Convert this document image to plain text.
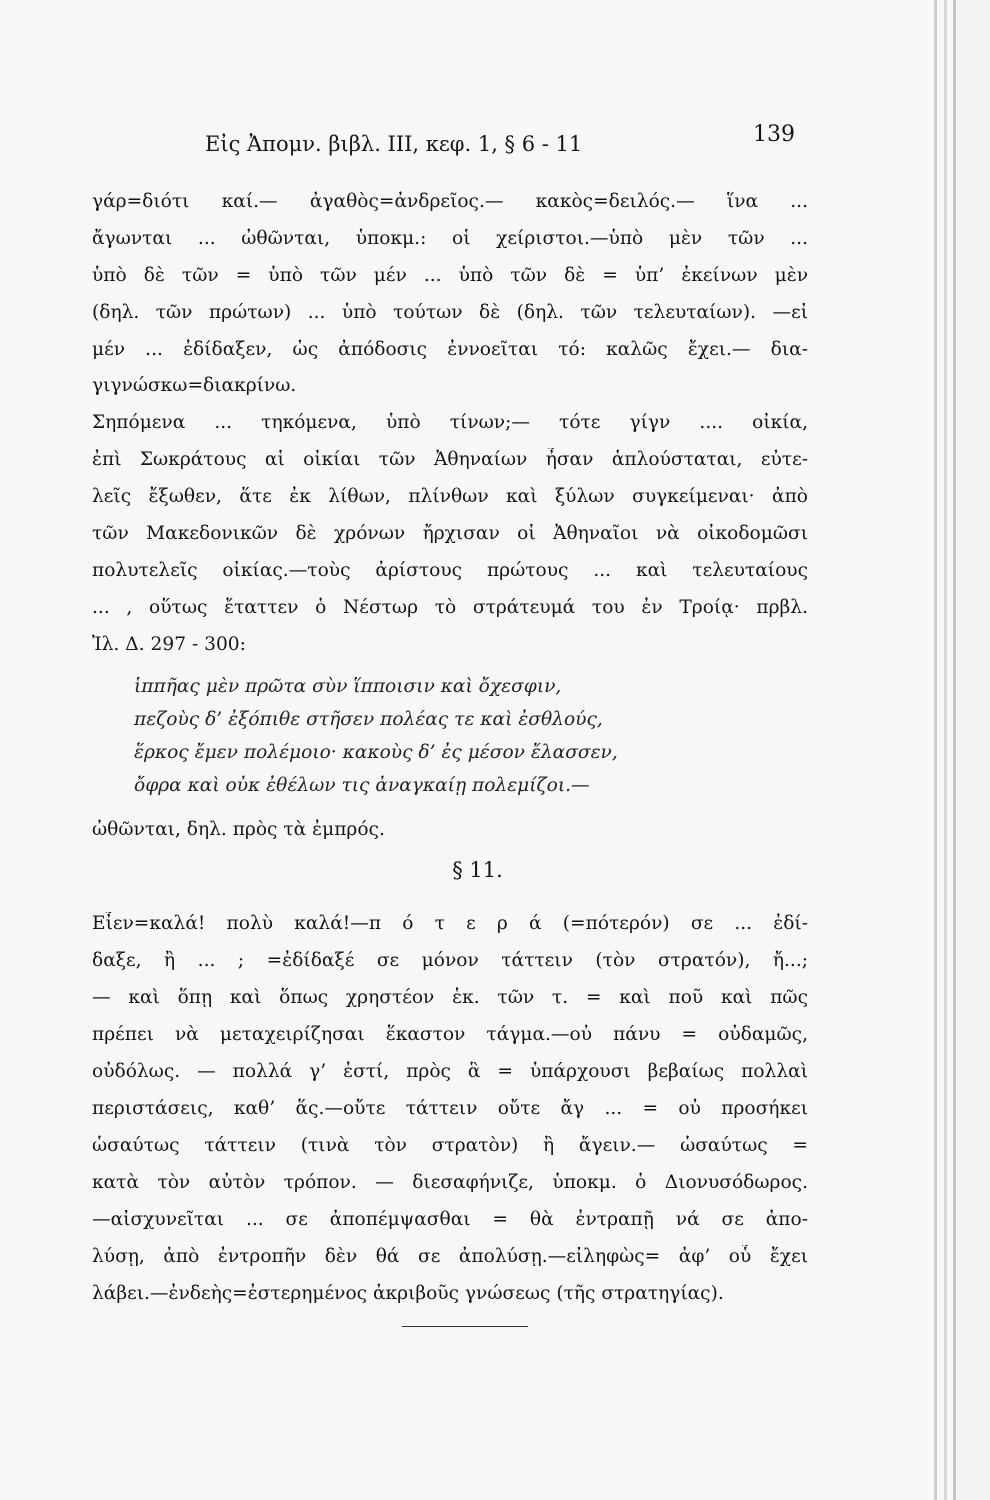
Εἰς Ἀπομν. βιβλ. III, κεφ. 1, § 6 - 11	139
γάρ=διότι καί.— ἀγαθὸς=ἀνδρεῖος.— κακὸς=δειλός.— ἵνα ...
ἄγωνται ... ὠθῶνται, ὑποκμ.: οἱ χείριστοι.—ὑπὸ μὲν τῶν ...
ὑπὸ δὲ τῶν = ὑπὸ τῶν μέν ... ὑπὸ τῶν δὲ = ὑπ’ ἐκείνων μὲν
(δηλ. τῶν πρώτων) ... ὑπὸ τούτων δὲ (δηλ. τῶν τελευταίων). —εἰ
μέν ... ἐδίδαξεν, ὡς ἀπόδοσις ἐννοεῖται τό: καλῶς ἔχει.— δια-
γιγνώσκω=διακρίνω.
Σηπόμενα ... τηκόμενα, ὑπὸ τίνων;— τότε γίγν .... οἰκία,
ἐπὶ Σωκράτους αἱ οἰκίαι τῶν Ἀθηναίων ἦσαν ἁπλούσταται, εὐτε-
λεῖς ἔξωθεν, ἅτε ἐκ λίθων, πλίνθων καὶ ξύλων συγκείμεναι· ἀπὸ
τῶν Μακεδονικῶν δὲ χρόνων ἤρχισαν οἱ Ἀθηναῖοι νὰ οἰκοδομῶσι
πολυτελεῖς οἰκίας.—τοὺς ἀρίστους πρώτους ... καὶ τελευταίους
... , οὕτως ἔταττεν ὁ Νέστωρ τὸ στράτευμά του ἐν Τροίᾳ· πρβλ.
Ἰλ. Δ. 297 - 300:
ἱππῆας μὲν πρῶτα σὺν ἵπποισιν καὶ ὄχεσφιν,
πεζοὺς δ’ ἐξόπιθε στῆσεν πολέας τε καὶ ἐσθλούς,
ἕρκος ἔμεν πολέμοιο· κακοὺς δ’ ἐς μέσον ἔλασσεν,
ὄφρα καὶ οὐκ ἐθέλων τις ἀναγκαίῃ πολεμίζοι.—
ὠθῶνται, δηλ. πρὸς τὰ ἐμπρός.
§ 11.
Εἶεν=καλά! πολὺ καλά!—π ό τ ε ρ ά (=πότερόν) σε ... ἐδί-
δαξε, ἢ ... ; =ἐδίδαξέ σε μόνον τάττειν (τὸν στρατόν), ἤ...;
— καὶ ὅπῃ καὶ ὅπως χρηστέον ἑκ. τῶν τ. = καὶ ποῦ καὶ πῶς
πρέπει νὰ μεταχειρίζησαι ἕκαστον τάγμα.—οὐ πάνυ = οὐδαμῶς,
οὐδόλως. — πολλά γ’ ἐστί, πρὸς ἃ = ὑπάρχουσι βεβαίως πολλαὶ
περιστάσεις, καθ’ ἅς.—οὔτε τάττειν οὔτε ἄγ ... = οὐ προσήκει
ὡσαύτως τάττειν (τινὰ τὸν στρατὸν) ἢ ἄγειν.— ὡσαύτως =
κατὰ τὸν αὐτὸν τρόπον. — διεσαφήνιζε, ὑποκμ. ὁ Διονυσόδωρος.
—αἰσχυνεῖται ... σε ἀποπέμψασθαι = θὰ ἐντραπῇ νά σε ἀπο-
λύσῃ, ἀπὸ ἐντροπῆν δὲν θά σε ἀπολύσῃ.—εἰληφὼς= ἀφ’ οὗ ἔχει
λάβει.—ἐνδεὴς=ἐστερημένος ἀκριβοῦς γνώσεως (τῆς στρατηγίας).
